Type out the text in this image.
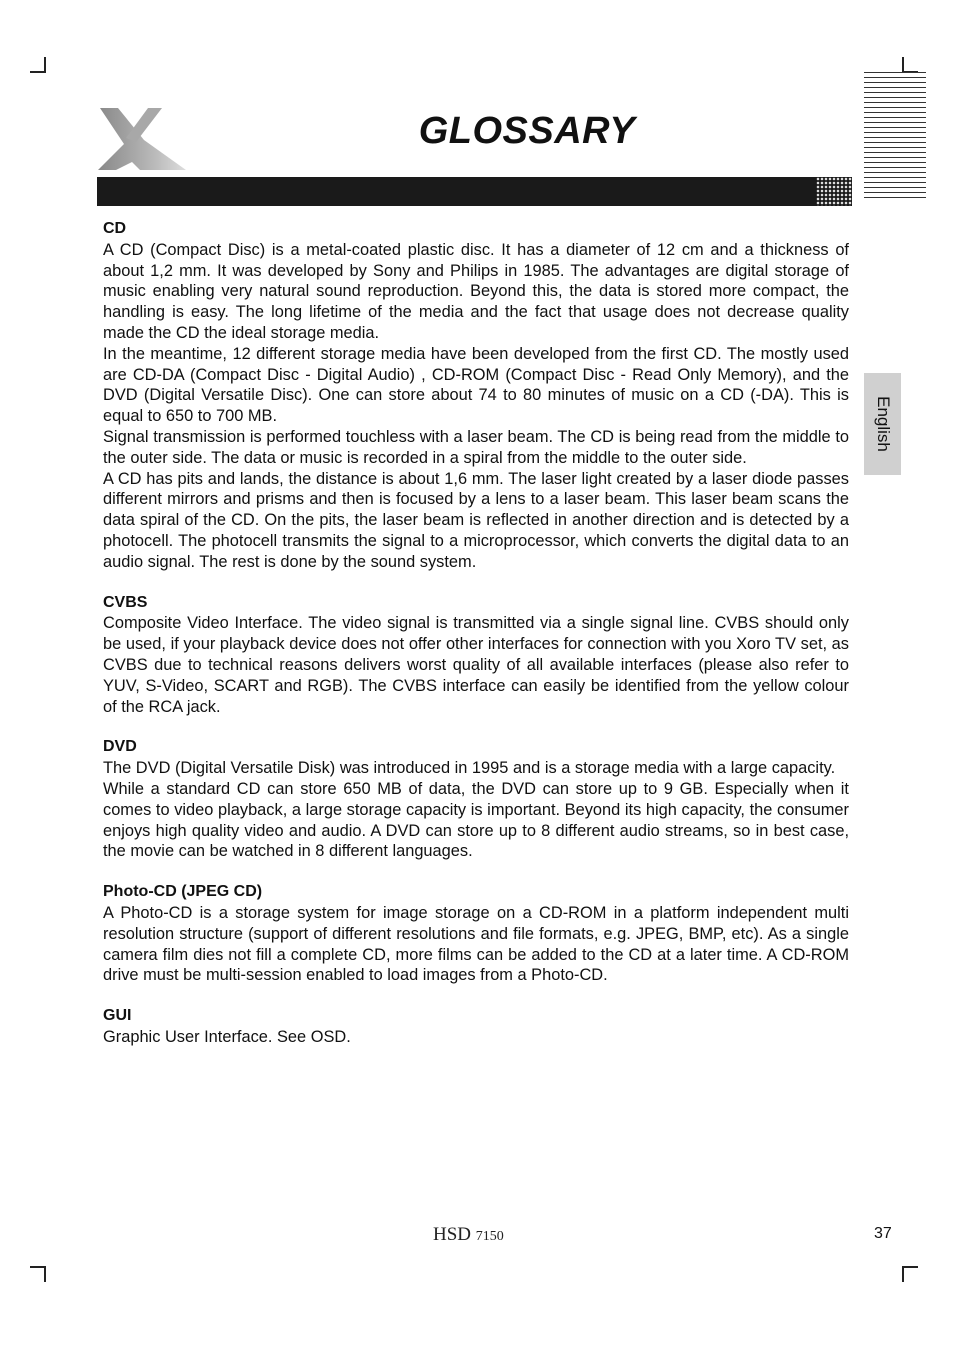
GLOSSARY
English
CD

A CD (Compact Disc) is a metal-coated plastic disc. It has a diameter of 12 cm and a thickness of about 1,2 mm. It was developed by Sony and Philips in 1985. The advantages are digital storage of music enabling very natural sound reproduction. Beyond this, the data is stored more compact, the handling is easy. The long lifetime of the media and the fact that usage does not decrease quality made the CD the ideal storage media.

In the meantime, 12 different storage media have been developed from the first CD. The mostly used are CD-DA (Compact Disc - Digital Audio) , CD-ROM (Compact Disc - Read Only Memory), and the DVD (Digital Versatile Disc). One can store about 74 to 80 minutes of music on a CD (-DA). This is equal to 650 to 700 MB.

Signal transmission is performed touchless with a laser beam. The CD is being read from the middle to the outer side. The data or music is recorded in a spiral from the middle to the outer side.

A CD has pits and lands, the distance is about 1,6 mm. The laser light created by a laser diode passes different mirrors and prisms and then is focused by a lens to a laser beam. This laser beam scans the data spiral of the CD. On the pits, the laser beam is reflected in another direction and is detected by a photocell. The photocell transmits the signal to a microprocessor, which converts the digital data to an audio signal. The rest is done by the sound system.

CVBS

Composite Video Interface. The video signal is transmitted via a single signal line. CVBS should only be used, if your playback device does not offer other interfaces for connection with you Xoro TV set, as CVBS due to technical reasons delivers worst quality of all available interfaces (please also refer to YUV, S-Video, SCART and RGB). The CVBS interface can easily be identified from the yellow colour of the RCA jack.

DVD

The DVD (Digital Versatile Disk) was introduced in 1995 and is a storage media with a large capacity.

While a standard CD can store 650 MB of data, the DVD can store up to 9 GB. Especially when it comes to video playback, a large storage capacity is important. Beyond its high capacity, the consumer enjoys high quality video and audio. A DVD can store up to 8 different audio streams, so in best case, the movie can be watched in 8 different languages.

Photo-CD (JPEG CD)

A Photo-CD is a storage system for image storage on a CD-ROM in a platform independent multi resolution structure (support of different resolutions and file formats, e.g. JPEG, BMP, etc). As a single camera film dies not fill a complete CD, more films can be added to the CD at a later time. A CD-ROM drive must be multi-session enabled to load images from a Photo-CD.

GUI

Graphic User Interface. See OSD.

HSD 7150	37
